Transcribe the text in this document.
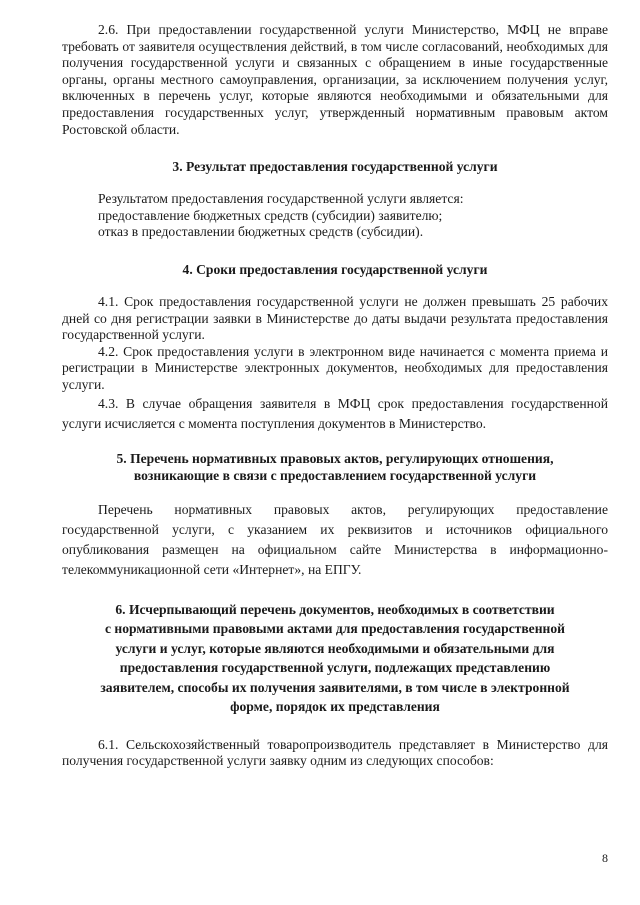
2.6. При предоставлении государственной услуги Министерство, МФЦ не вправе требовать от заявителя осуществления действий, в том числе согласований, необходимых для получения государственной услуги и связанных с обращением в иные государственные органы, органы местного самоуправления, организации, за исключением получения услуг, включенных в перечень услуг, которые являются необходимыми и обязательными для предоставления государственных услуг, утвержденный нормативным правовым актом Ростовской области.

3. Результат предоставления государственной услуги
Результатом предоставления государственной услуги является:
предоставление бюджетных средств (субсидии) заявителю;
отказ в предоставлении бюджетных средств (субсидии).
4. Сроки предоставления государственной услуги

4.1. Срок предоставления государственной услуги не должен превышать 25 рабочих дней со дня регистрации заявки в Министерстве до даты выдачи результата предоставления государственной услуги.

4.2. Срок предоставления услуги в электронном виде начинается с момента приема и регистрации в Министерстве электронных документов, необходимых для предоставления услуги.

4.3. В случае обращения заявителя в МФЦ срок предоставления государственной услуги исчисляется с момента поступления документов в Министерство.

5. Перечень нормативных правовых актов, регулирующих отношения,
возникающие в связи с предоставлением государственной услуги

Перечень нормативных правовых актов, регулирующих предоставление государственной услуги, с указанием их реквизитов и источников официального опубликования размещен на официальном сайте Министерства в информационно-телекоммуникационной сети «Интернет», на ЕПГУ.

6. Исчерпывающий перечень документов, необходимых в соответствии
с нормативными правовыми актами для предоставления государственной
услуги и услуг, которые являются необходимыми и обязательными для
предоставления государственной услуги, подлежащих представлению
заявителем, способы их получения заявителями, в том числе в электронной
форме, порядок их представления

6.1. Сельскохозяйственный товаропроизводитель представляет в Министерство для получения государственной услуги заявку одним из следующих способов:

8
